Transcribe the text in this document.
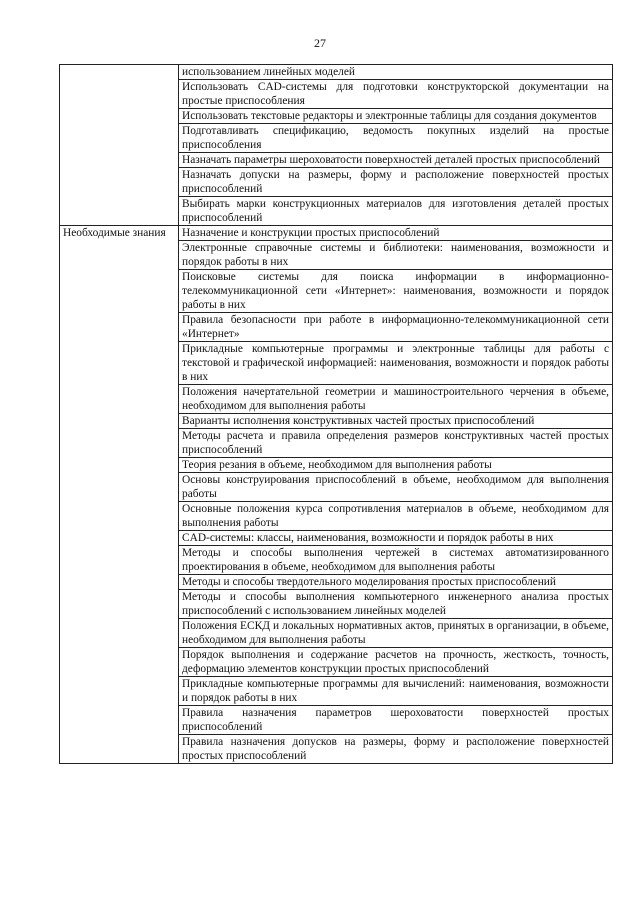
27
	использованием линейных моделей
	Использовать CAD-системы для подготовки конструкторской документации на простые приспособления
	Использовать текстовые редакторы и электронные таблицы для создания документов
	Подготавливать спецификацию, ведомость покупных изделий на простые приспособления
	Назначать параметры шероховатости поверхностей деталей простых приспособлений
	Назначать допуски на размеры, форму и расположение поверхностей простых приспособлений
	Выбирать марки конструкционных материалов для изготовления деталей простых приспособлений
Необходимые знания	Назначение и конструкции простых приспособлений
	Электронные справочные системы и библиотеки: наименования, возможности и порядок работы в них
	Поисковые системы для поиска информации в информационно-телекоммуникационной сети «Интернет»: наименования, возможности и порядок работы в них
	Правила безопасности при работе в информационно-телекоммуникационной сети «Интернет»
	Прикладные компьютерные программы и электронные таблицы для работы с текстовой и графической информацией: наименования, возможности и порядок работы в них
	Положения начертательной геометрии и машиностроительного черчения в объеме, необходимом для выполнения работы
	Варианты исполнения конструктивных частей простых приспособлений
	Методы расчета и правила определения размеров конструктивных частей простых приспособлений
	Теория резания в объеме, необходимом для выполнения работы
	Основы конструирования приспособлений в объеме, необходимом для выполнения работы
	Основные положения курса сопротивления материалов в объеме, необходимом для выполнения работы
	CAD-системы: классы, наименования, возможности и порядок работы в них
	Методы и способы выполнения чертежей в системах автоматизированного проектирования в объеме, необходимом для выполнения работы
	Методы и способы твердотельного моделирования простых приспособлений
	Методы и способы выполнения компьютерного инженерного анализа простых приспособлений с использованием линейных моделей
	Положения ЕСКД и локальных нормативных актов, принятых в организации, в объеме, необходимом для выполнения работы
	Порядок выполнения и содержание расчетов на прочность, жесткость, точность, деформацию элементов конструкции простых приспособлений
	Прикладные компьютерные программы для вычислений: наименования, возможности и порядок работы в них
	Правила назначения параметров шероховатости поверхностей простых приспособлений
	Правила назначения допусков на размеры, форму и расположение поверхностей простых приспособлений
